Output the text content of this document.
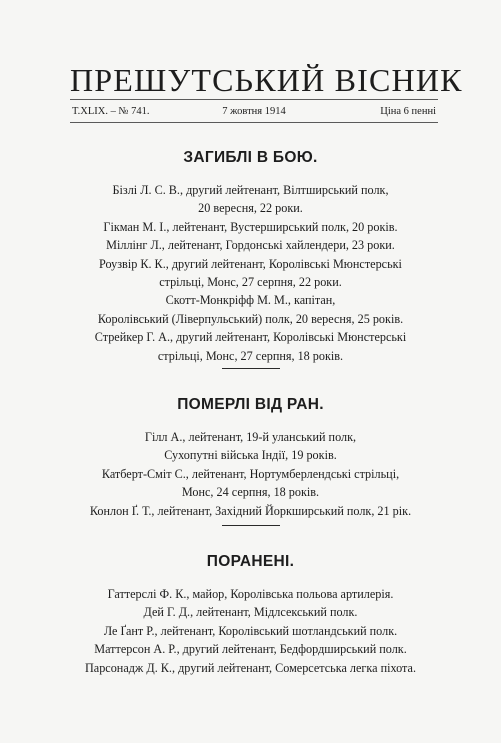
ПРЕШУТСЬКИЙ ВІСНИК
T.XLIX. – № 741.	7 жовтня 1914	Ціна 6 пенні
ЗАГИБЛІ В БОЮ.
Бізлі Л. С. В., другий лейтенант, Вілтширський полк,
20 вересня, 22 роки.
Гікман М. І., лейтенант, Вустерширський полк, 20 років.
Міллінг Л., лейтенант, Гордонські хайлендери, 23 роки.
Роузвір К. К., другий лейтенант, Королівські Мюнстерські
стрільці, Монс, 27 серпня, 22 роки.
Скотт-Монкріфф М. М., капітан,
Королівський (Ліверпульський) полк, 20 вересня, 25 років.
Стрейкер Г. А., другий лейтенант, Королівські Мюнстерські
стрільці, Монс, 27 серпня, 18 років.
ПОМЕРЛІ ВІД РАН.
Гілл А., лейтенант, 19-й уланський полк,
Сухопутні війська Індії, 19 років.
Катберт-Сміт С., лейтенант, Нортумберлендські стрільці,
Монс, 24 серпня, 18 років.
Конлон Ґ. Т., лейтенант, Західний Йоркширський полк, 21 рік.
ПОРАНЕНІ.
Гаттерслі Ф. К., майор, Королівська польова артилерія.
Дей Г. Д., лейтенант, Мідлсекський полк.
Ле Ґант Р., лейтенант, Королівський шотландський полк.
Маттерсон А. Р., другий лейтенант, Бедфордширський полк.
Парсонадж Д. К., другий лейтенант, Сомерсетська легка піхота.
